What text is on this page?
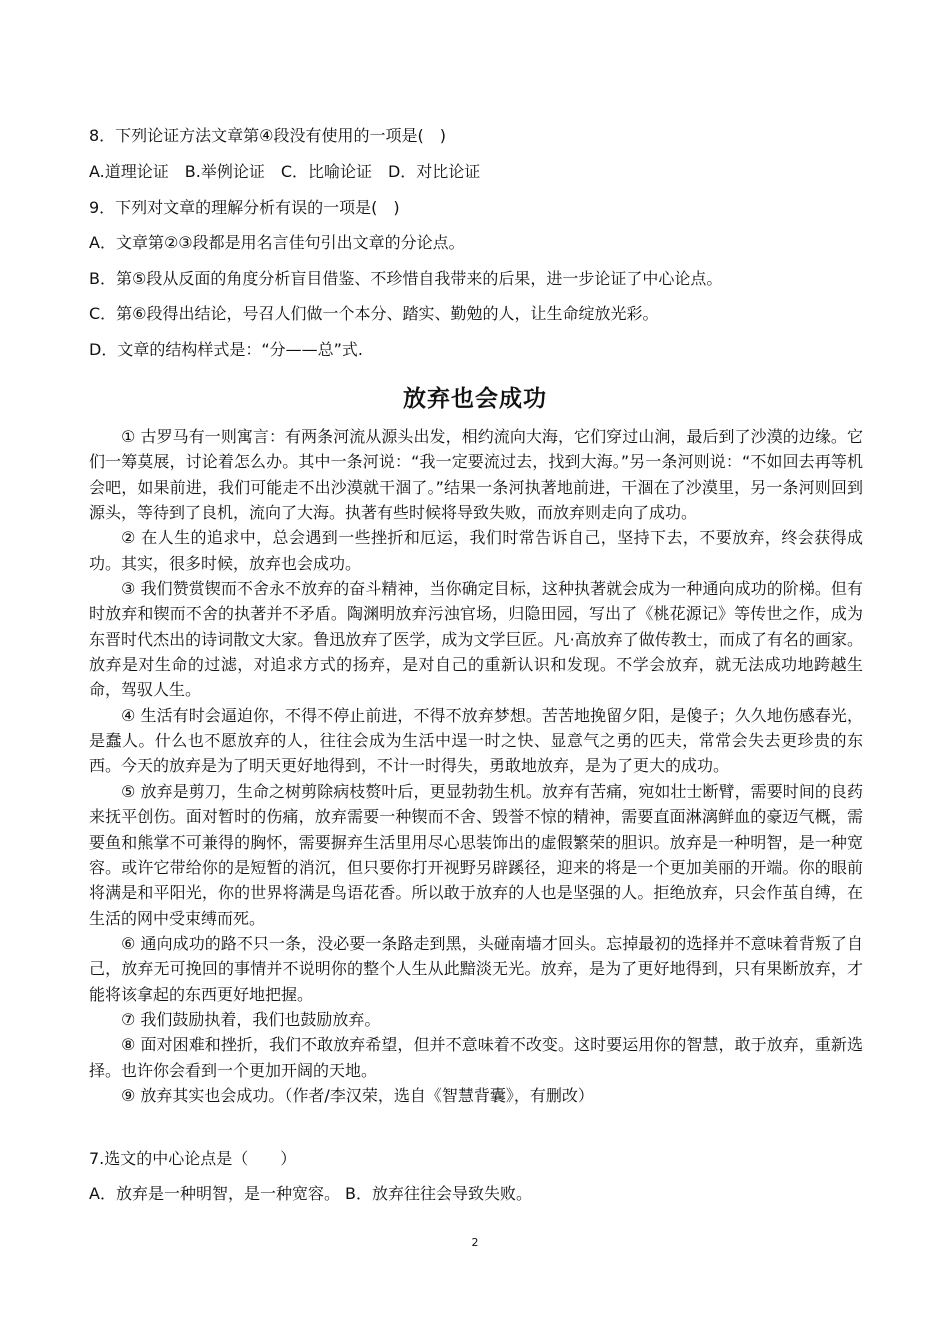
8．下列论证方法文章第④段没有使用的一项是(　)
A.道理论证　B.举例论证　C．比喻论证　D．对比论证
9．下列对文章的理解分析有误的一项是(　)
A．文章第②③段都是用名言佳句引出文章的分论点。
B．第⑤段从反面的角度分析盲目借鉴、不珍惜自我带来的后果，进一步论证了中心论点。
C．第⑥段得出结论，号召人们做一个本分、踏实、勤勉的人，让生命绽放光彩。
D．文章的结构样式是：“分——总”式.
放弃也会成功

① 古罗马有一则寓言：有两条河流从源头出发，相约流向大海，它们穿过山涧，最后到了沙漠的边缘。它们一筹莫展，讨论着怎么办。其中一条河说：“我一定要流过去，找到大海。”另一条河则说：“不如回去再等机会吧，如果前进，我们可能走不出沙漠就干涸了。”结果一条河执著地前进，干涸在了沙漠里，另一条河则回到源头，等待到了良机，流向了大海。执著有些时候将导致失败，而放弃则走向了成功。

② 在人生的追求中，总会遇到一些挫折和厄运，我们时常告诉自己，坚持下去，不要放弃，终会获得成功。其实，很多时候，放弃也会成功。

③ 我们赞赏锲而不舍永不放弃的奋斗精神，当你确定目标，这种执著就会成为一种通向成功的阶梯。但有时放弃和锲而不舍的执著并不矛盾。陶渊明放弃污浊官场，归隐田园，写出了《桃花源记》等传世之作，成为东晋时代杰出的诗词散文大家。鲁迅放弃了医学，成为文学巨匠。凡·高放弃了做传教士，而成了有名的画家。放弃是对生命的过滤，对追求方式的扬弃，是对自己的重新认识和发现。不学会放弃，就无法成功地跨越生命，驾驭人生。

④ 生活有时会逼迫你，不得不停止前进，不得不放弃梦想。苦苦地挽留夕阳，是傻子；久久地伤感春光，是蠢人。什么也不愿放弃的人，往往会成为生活中逞一时之快、显意气之勇的匹夫，常常会失去更珍贵的东西。今天的放弃是为了明天更好地得到，不计一时得失，勇敢地放弃，是为了更大的成功。

⑤ 放弃是剪刀，生命之树剪除病枝赘叶后，更显勃勃生机。放弃有苦痛，宛如壮士断臂，需要时间的良药来抚平创伤。面对暂时的伤痛，放弃需要一种锲而不舍、毁誉不惊的精神，需要直面淋漓鲜血的豪迈气概，需要鱼和熊掌不可兼得的胸怀，需要摒弃生活里用尽心思装饰出的虚假繁荣的胆识。放弃是一种明智，是一种宽容。或许它带给你的是短暂的消沉，但只要你打开视野另辟蹊径，迎来的将是一个更加美丽的开端。你的眼前将满是和平阳光，你的世界将满是鸟语花香。所以敢于放弃的人也是坚强的人。拒绝放弃，只会作茧自缚，在生活的网中受束缚而死。

⑥ 通向成功的路不只一条，没必要一条路走到黑，头碰南墙才回头。忘掉最初的选择并不意味着背叛了自己，放弃无可挽回的事情并不说明你的整个人生从此黯淡无光。放弃，是为了更好地得到，只有果断放弃，才能将该拿起的东西更好地把握。

⑦ 我们鼓励执着，我们也鼓励放弃。

⑧ 面对困难和挫折，我们不敢放弃希望，但并不意味着不改变。这时要运用你的智慧，敢于放弃，重新选择。也许你会看到一个更加开阔的天地。

⑨ 放弃其实也会成功。（作者/李汉荣，选自《智慧背囊》，有删改）

7.选文的中心论点是（　　）
A．放弃是一种明智，是一种宽容。 B．放弃往往会导致失败。
2
